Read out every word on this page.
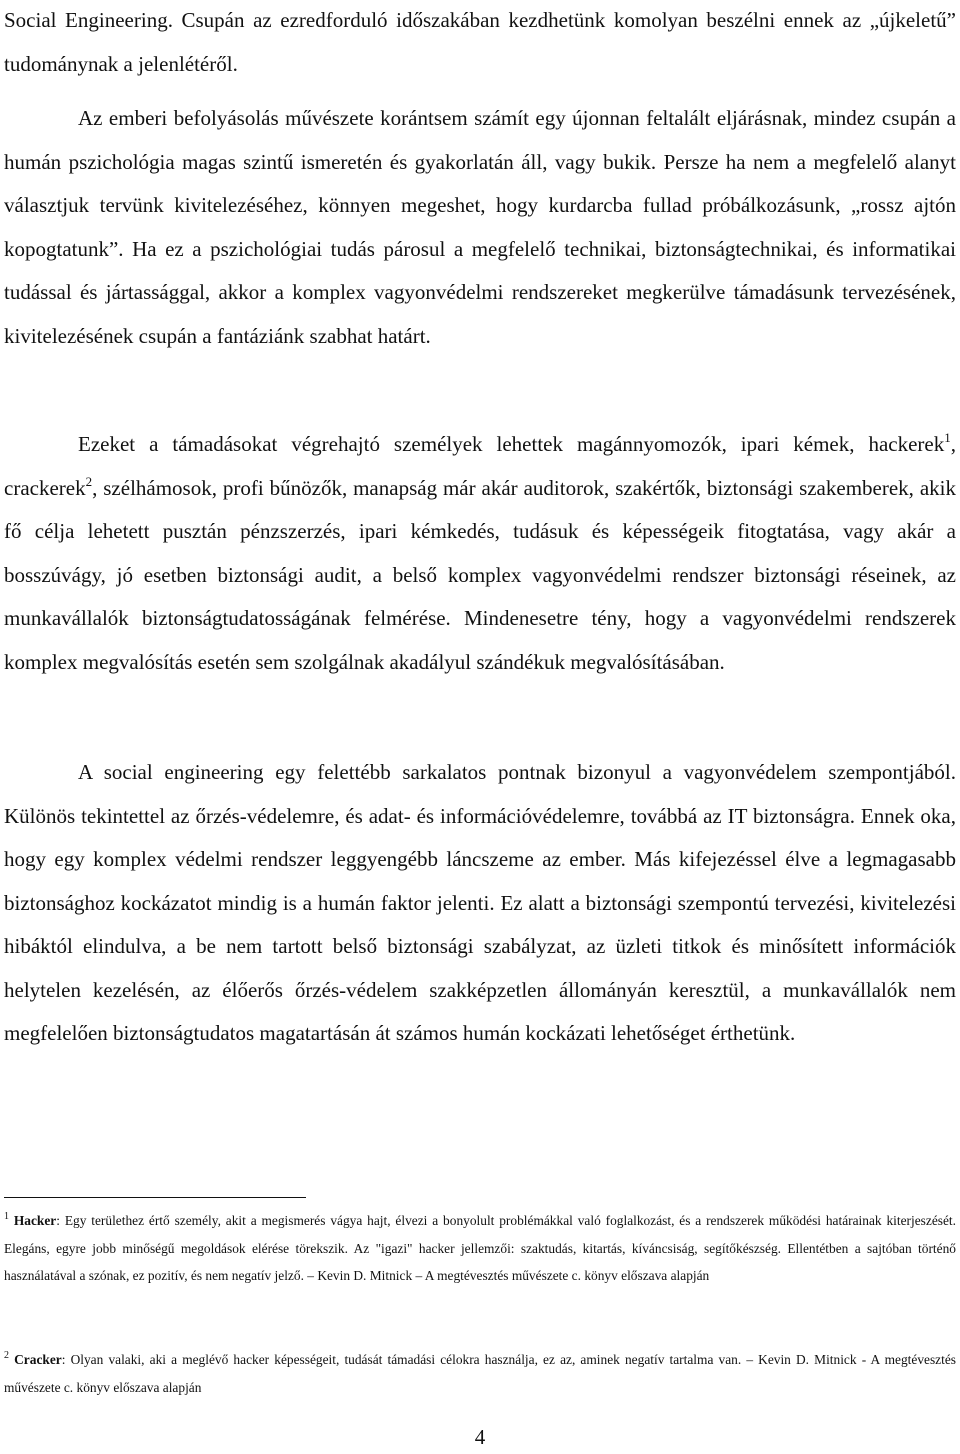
Social Engineering. Csupán az ezredforduló időszakában kezdhetünk komolyan beszélni ennek az „újkeletű” tudománynak a jelenlétéről.

Az emberi befolyásolás művészete korántsem számít egy újonnan feltalált eljárásnak, mindez csupán a humán pszichológia magas szintű ismeretén és gyakorlatán áll, vagy bukik. Persze ha nem a megfelelő alanyt választjuk tervünk kivitelezéséhez, könnyen megeshet, hogy kurdarcba fullad próbálkozásunk, „rossz ajtón kopogtatunk”. Ha ez a pszichológiai tudás párosul a megfelelő technikai, biztonságtechnikai, és informatikai tudással és jártassággal, akkor a komplex vagyonvédelmi rendszereket megkerülve támadásunk tervezésének, kivitelezésének csupán a fantáziánk szabhat határt.

Ezeket a támadásokat végrehajtó személyek lehettek magánnyomozók, ipari kémek, hackerek$^1$, crackerek$^2$, szélhámosok, profi bűnözők, manapság már akár auditorok, szakértők, biztonsági szakemberek, akik fő célja lehetett pusztán pénzszerzés, ipari kémkedés, tudásuk és képességeik fitogtatása, vagy akár a bosszúvágy, jó esetben biztonsági audit, a belső komplex vagyonvédelmi rendszer biztonsági réseinek, az munkavállalók biztonságtudatosságának felmérése. Mindenesetre tény, hogy a vagyonvédelmi rendszerek komplex megvalósítás esetén sem szolgálnak akadályul szándékuk megvalósításában.

A social engineering egy felettébb sarkalatos pontnak bizonyul a vagyonvédelem szempontjából. Különös tekintettel az őrzés-védelemre, és adat- és információvédelemre, továbbá az IT biztonságra. Ennek oka, hogy egy komplex védelmi rendszer leggyengébb láncszeme az ember. Más kifejezéssel élve a legmagasabb biztonsághoz kockázatot mindig is a humán faktor jelenti. Ez alatt a biztonsági szempontú tervezési, kivitelezési hibáktól elindulva, a be nem tartott belső biztonsági szabályzat, az üzleti titkok és minősített információk helytelen kezelésén, az élőerős őrzés-védelem szakképzetlen állományán keresztül, a munkavállalók nem megfelelően biztonságtudatos magatartásán át számos humán kockázati lehetőséget érthetünk.

$^1$ Hacker: Egy területhez értő személy, akit a megismerés vágya hajt, élvezi a bonyolult problémákkal való foglalkozást, és a rendszerek működési határainak kiterjeszését. Elegáns, egyre jobb minőségű megoldások elérése törekszik. Az "igazi" hacker jellemzői: szaktudás, kitartás, kíváncsiság, segítőkészség. Ellentétben a sajtóban történő használatával a szónak, ez pozitív, és nem negatív jelző. – Kevin D. Mitnick – A megtévesztés művészete c. könyv előszava alapján

$^2$ Cracker: Olyan valaki, aki a meglévő hacker képességeit, tudását támadási célokra használja, ez az, aminek negatív tartalma van. – Kevin D. Mitnick - A megtévesztés művészete c. könyv előszava alapján

4
